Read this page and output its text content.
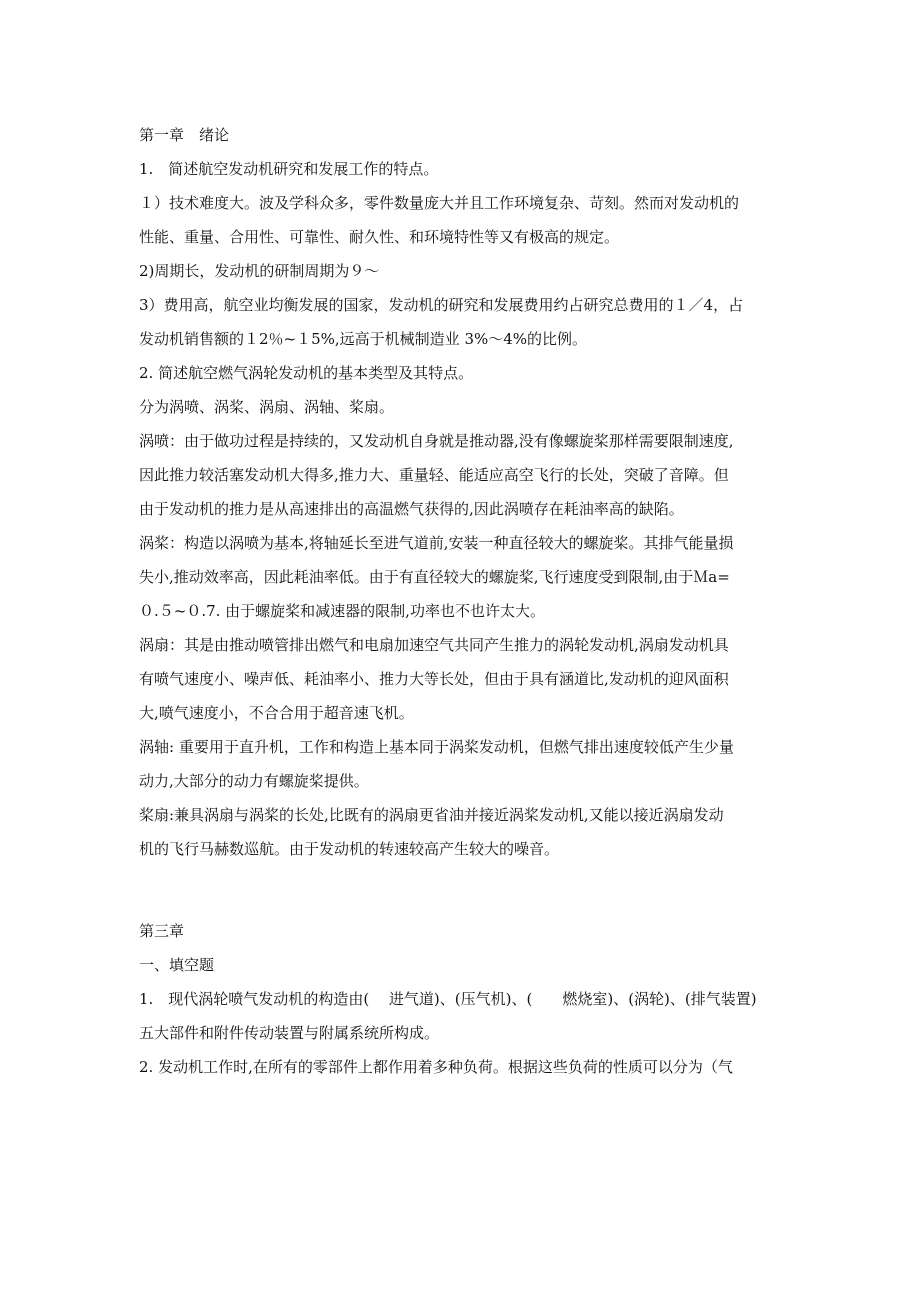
第一章　绪论
1.　简述航空发动机研究和发展工作的特点。
１）技术难度大。波及学科众多，零件数量庞大并且工作环境复杂、苛刻。然而对发动机的
性能、重量、合用性、可靠性、耐久性、和环境特性等又有极高的规定。
2)周期长，发动机的研制周期为９～
3）费用高，航空业均衡发展的国家，发动机的研究和发展费用约占研究总费用的１／4，占
发动机销售额的１2％~１5%,远高于机械制造业 3%～4%的比例。
2. 简述航空燃气涡轮发动机的基本类型及其特点。
分为涡喷、涡桨、涡扇、涡轴、桨扇。
涡喷：由于做功过程是持续的，又发动机自身就是推动器,没有像螺旋桨那样需要限制速度,
因此推力较活塞发动机大得多,推力大、重量轻、能适应高空飞行的长处，突破了音障。但
由于发动机的推力是从高速排出的高温燃气获得的,因此涡喷存在耗油率高的缺陷。
涡桨：构造以涡喷为基本,将轴延长至进气道前,安装一种直径较大的螺旋桨。其排气能量损
失小,推动效率高，因此耗油率低。由于有直径较大的螺旋桨,飞行速度受到限制,由于Ｍa=
０.５~０.7. 由于螺旋桨和减速器的限制,功率也不也许太大。
涡扇：其是由推动喷管排出燃气和电扇加速空气共同产生推力的涡轮发动机,涡扇发动机具
有喷气速度小、噪声低、耗油率小、推力大等长处，但由于具有涵道比,发动机的迎风面积
大,喷气速度小，不合合用于超音速飞机。
涡轴: 重要用于直升机，工作和构造上基本同于涡桨发动机，但燃气排出速度较低产生少量
动力,大部分的动力有螺旋桨提供。
桨扇:兼具涡扇与涡桨的长处,比既有的涡扇更省油并接近涡桨发动机,又能以接近涡扇发动
机的飞行马赫数巡航。由于发动机的转速较高产生较大的噪音。
第三章
一、填空题
1.　现代涡轮喷气发动机的构造由(　 进气道)、(压气机)、(　　燃烧室)、(涡轮)、(排气装置)
五大部件和附件传动装置与附属系统所构成。
2. 发动机工作时,在所有的零部件上都作用着多种负荷。根据这些负荷的性质可以分为（气
